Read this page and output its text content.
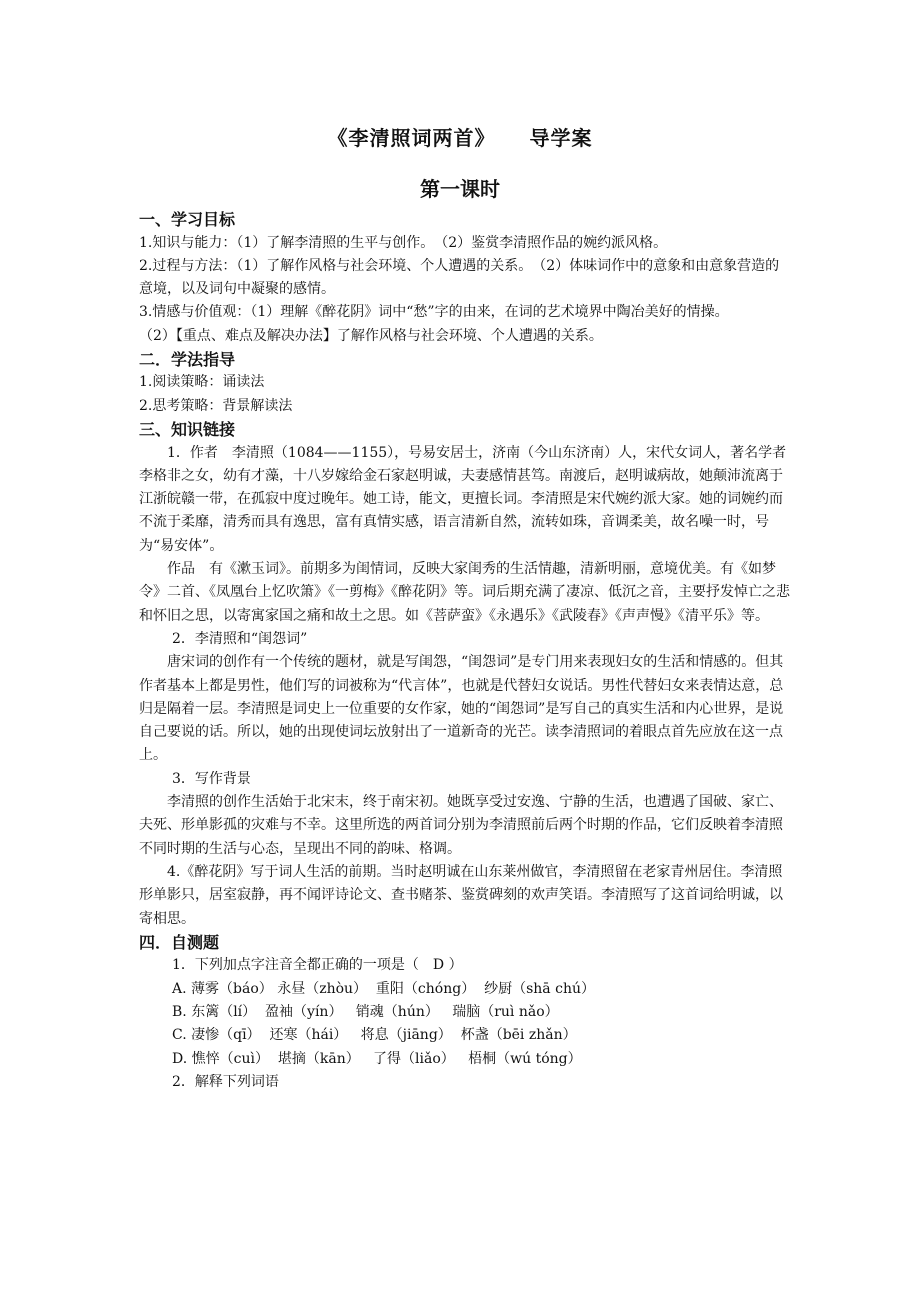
《李清照词两首》 导学案
第一课时
一、学习目标

1.知识与能力：（1）了解李清照的生平与创作。　（2）鉴赏李清照作品的婉约派风格。

2.过程与方法：（1）了解作风格与社会环境、个人遭遇的关系。　（2）体味词作中的意象和由意象营造的意境，以及词句中凝聚的感情。

3.情感与价值观：（1）理解《醉花阴》词中“愁”字的由来，在词的艺术境界中陶冶美好的情操。

（2）【重点、难点及解决办法】了解作风格与社会环境、个人遭遇的关系。

二．学法指导

1.阅读策略：诵读法

2.思考策略：背景解读法

三、知识链接

1．作者　李清照（1084——1155），号易安居士，济南（今山东济南）人，宋代女词人，著名学者李格非之女，幼有才藻，十八岁嫁给金石家赵明诚，夫妻感情甚笃。南渡后，赵明诚病故，她颠沛流离于江浙皖赣一带，在孤寂中度过晚年。她工诗，能文，更擅长词。李清照是宋代婉约派大家。她的词婉约而不流于柔靡，清秀而具有逸思，富有真情实感，语言清新自然，流转如珠，音调柔美，故名噪一时，号为“易安体”。

作品　有《漱玉词》。前期多为闺情词，反映大家闺秀的生活情趣，清新明丽，意境优美。有《如梦令》二首、《凤凰台上忆吹箫》《一剪梅》《醉花阴》等。词后期充满了凄凉、低沉之音，主要抒发悼亡之悲和怀旧之思，以寄寓家国之痛和故土之思。如《菩萨蛮》《永遇乐》《武陵春》《声声慢》《清平乐》等。

2．李清照和“闺怨词”

唐宋词的创作有一个传统的题材，就是写闺怨，“闺怨词”是专门用来表现妇女的生活和情感的。但其作者基本上都是男性，他们写的词被称为“代言体”，也就是代替妇女说话。男性代替妇女来表情达意，总归是隔着一层。李清照是词史上一位重要的女作家，她的“闺怨词”是写自己的真实生活和内心世界，是说自己要说的话。所以，她的出现使词坛放射出了一道新奇的光芒。读李清照词的着眼点首先应放在这一点上。

3．写作背景

李清照的创作生活始于北宋末，终于南宋初。她既享受过安逸、宁静的生活，也遭遇了国破、家亡、夫死、形单影孤的灾难与不幸。这里所选的两首词分别为李清照前后两个时期的作品，它们反映着李清照不同时期的生活与心态，呈现出不同的韵味、格调。

4.《醉花阴》写于词人生活的前期。当时赵明诚在山东莱州做官，李清照留在老家青州居住。李清照形单影只，居室寂静，再不闻评诗论文、查书赌茶、鉴赏碑刻的欢声笑语。李清照写了这首词给明诚，以寄相思。

四．自测题

1．下列加点字注音全都正确的一项是（　D ）

A. 薄雾（báo） 永昼（zhòu）  重阳（chóng）  纱厨（shā chú）

B. 东篱（lí）  盈袖（yín）   销魂（hún）   瑞脑（ruì nǎo）

C. 凄惨（qī）  还寒（hái）   将息（jiāng）  杯盏（bēi zhǎn）

D. 憔悴（cuì）  堪摘（kān）   了得（liǎo）   梧桐（wú tóng）

2．解释下列词语
